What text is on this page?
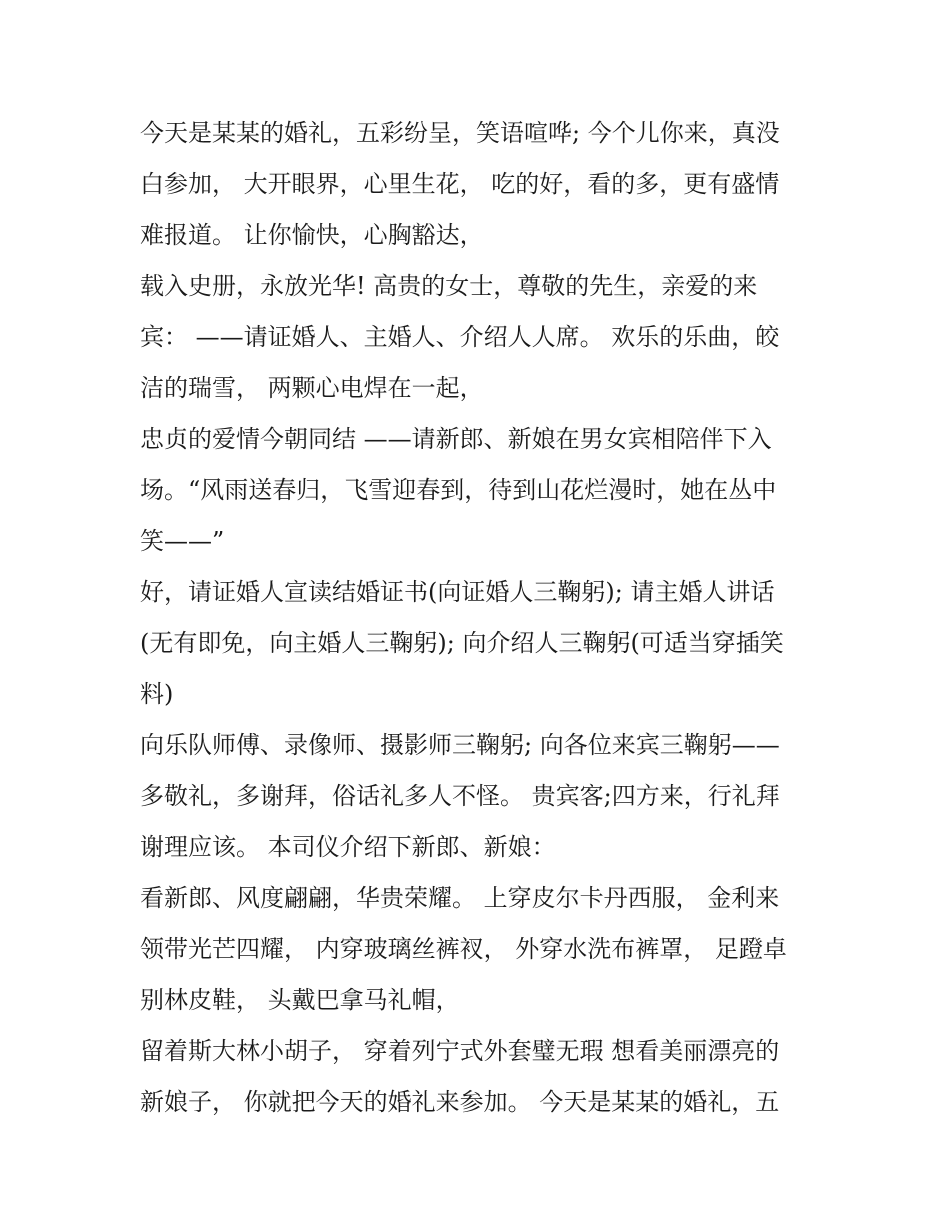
今天是某某的婚礼，五彩纷呈，笑语喧哗; 今个儿你来，真没
白参加， 大开眼界，心里生花， 吃的好，看的多，更有盛情
难报道。 让你愉快，心胸豁达，
载入史册，永放光华! 高贵的女士，尊敬的先生，亲爱的来
宾： ——请证婚人、主婚人、介绍人人席。 欢乐的乐曲，皎
洁的瑞雪， 两颗心电焊在一起，
忠贞的爱情今朝同结 ——请新郎、新娘在男女宾相陪伴下入
场。“风雨送春归，飞雪迎春到，待到山花烂漫时，她在丛中
笑——”
好，请证婚人宣读结婚证书(向证婚人三鞠躬); 请主婚人讲话
(无有即免，向主婚人三鞠躬); 向介绍人三鞠躬(可适当穿插笑
料)
向乐队师傅、录像师、摄影师三鞠躬; 向各位来宾三鞠躬——
多敬礼，多谢拜，俗话礼多人不怪。 贵宾客;四方来，行礼拜
谢理应该。 本司仪介绍下新郎、新娘：
看新郎、风度翩翩，华贵荣耀。 上穿皮尔卡丹西服， 金利来
领带光芒四耀， 内穿玻璃丝裤衩， 外穿水洗布裤罩， 足蹬卓
别林皮鞋， 头戴巴拿马礼帽，
留着斯大林小胡子， 穿着列宁式外套璧无瑕 想看美丽漂亮的
新娘子， 你就把今天的婚礼来参加。 今天是某某的婚礼，五
